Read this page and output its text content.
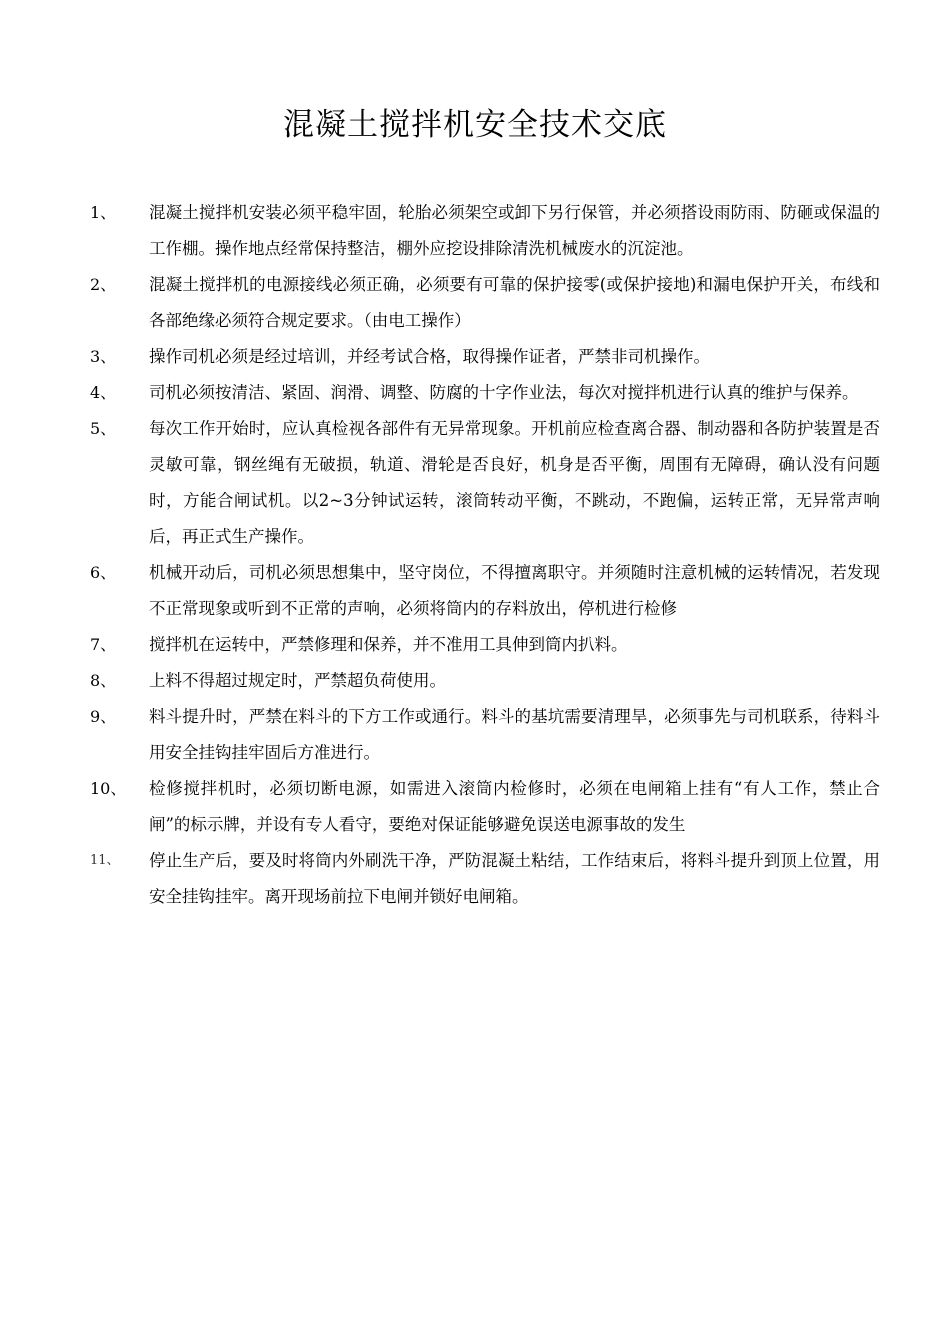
混凝土搅拌机安全技术交底
1、	混凝土搅拌机安装必须平稳牢固，轮胎必须架空或卸下另行保管，并必须搭设雨防雨、防砸或保温的工作棚。操作地点经常保持整洁，棚外应挖设排除清洗机械废水的沉淀池。
2、	混凝土搅拌机的电源接线必须正确，必须要有可靠的保护接零(或保护接地)和漏电保护开关，布线和各部绝缘必须符合规定要求。（由电工操作）
3、	操作司机必须是经过培训，并经考试合格，取得操作证者，严禁非司机操作。
4、	司机必须按清洁、紧固、润滑、调整、防腐的十字作业法，每次对搅拌机进行认真的维护与保养。
5、	每次工作开始时，应认真检视各部件有无异常现象。开机前应检查离合器、制动器和各防护装置是否灵敏可靠，钢丝绳有无破损，轨道、滑轮是否良好，机身是否平衡，周围有无障碍，确认没有问题时，方能合闸试机。以2~3分钟试运转，滚筒转动平衡，不跳动，不跑偏，运转正常，无异常声响后，再正式生产操作。
6、	机械开动后，司机必须思想集中，坚守岗位，不得擅离职守。并须随时注意机械的运转情况，若发现不正常现象或听到不正常的声响，必须将筒内的存料放出，停机进行检修
7、	搅拌机在运转中，严禁修理和保养，并不准用工具伸到筒内扒料。
8、	上料不得超过规定时，严禁超负荷使用。
9、	料斗提升时，严禁在料斗的下方工作或通行。料斗的基坑需要清理旱，必须事先与司机联系，待料斗用安全挂钩挂牢固后方准进行。
10、	检修搅拌机时，必须切断电源，如需进入滚筒内检修时，必须在电闸箱上挂有“有人工作，禁止合闸”的标示牌，并设有专人看守，要绝对保证能够避免误送电源事故的发生
11、	停止生产后，要及时将筒内外刷洗干净，严防混凝土粘结，工作结束后，将料斗提升到顶上位置，用安全挂钩挂牢。离开现场前拉下电闸并锁好电闸箱。
